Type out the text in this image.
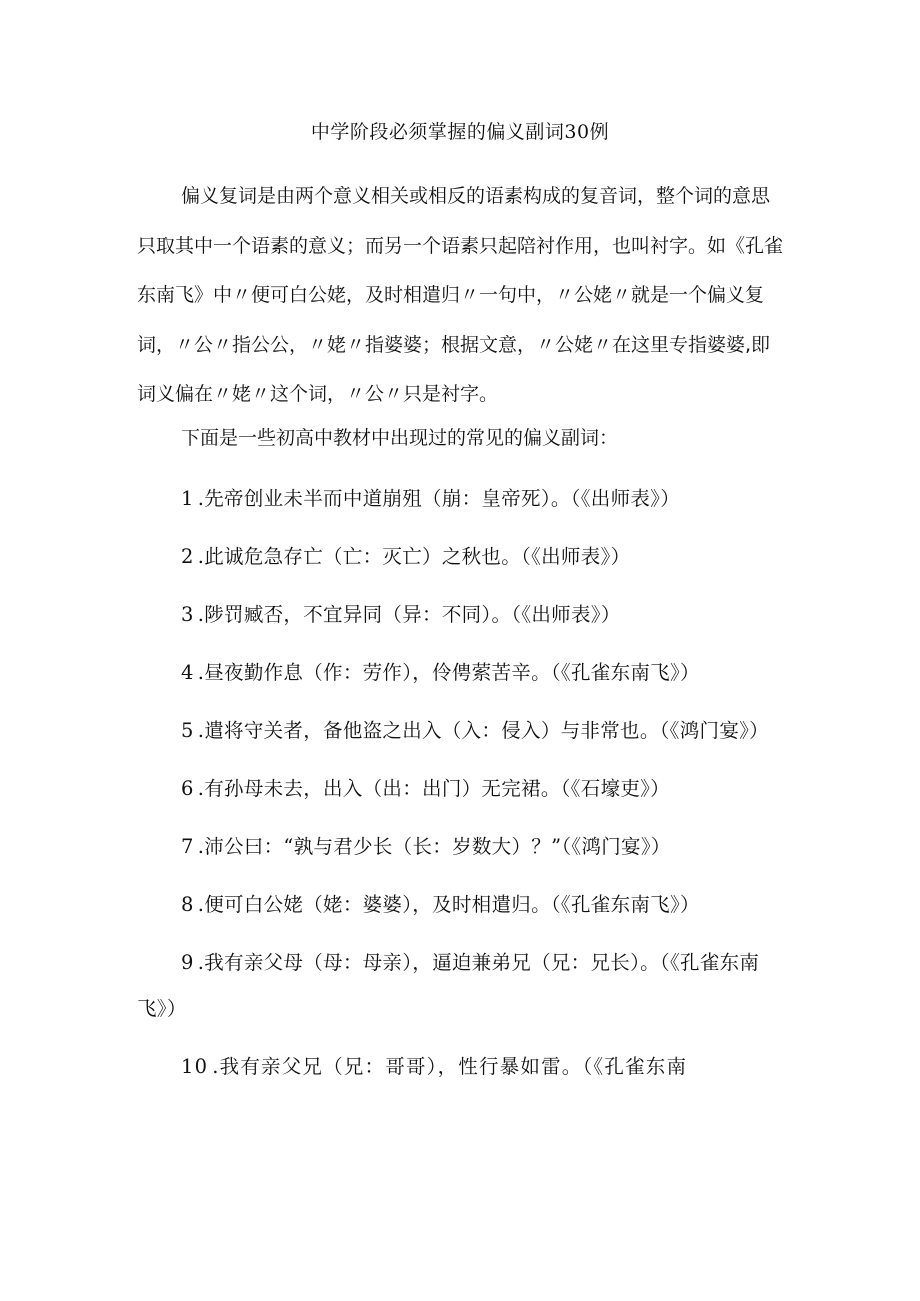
中学阶段必须掌握的偏义副词30例

偏义复词是由两个意义相关或相反的语素构成的复音词，整个词的意思只取其中一个语素的意义；而另一个语素只起陪衬作用，也叫衬字。如《孔雀东南飞》中〃便可白公姥，及时相遣归〃一句中，〃公姥〃就是一个偏义复词，〃公〃指公公，〃姥〃指婆婆；根据文意，〃公姥〃在这里专指婆婆,即词义偏在〃姥〃这个词，〃公〃只是衬字。

下面是一些初高中教材中出现过的常见的偏义副词：

1 .先帝创业未半而中道崩殂（崩：皇帝死）。（《出师表》）
2 .此诚危急存亡（亡：灭亡）之秋也。（《出师表》）
3 .陟罚臧否，不宜异同（异：不同）。（《出师表》）
4 .昼夜勤作息（作：劳作），伶俜萦苦辛。（《孔雀东南飞》）
5 .遣将守关者，备他盗之出入（入：侵入）与非常也。（《鸿门宴》）
6 .有孙母未去，出入（出：出门）无完裙。（《石壕吏》）
7 .沛公曰：“孰与君少长（长：岁数大）？”（《鸿门宴》）
8 .便可白公姥（姥：婆婆），及时相遣归。（《孔雀东南飞》）
9 .我有亲父母（母：母亲），逼迫兼弟兄（兄：兄长）。（《孔雀东南飞》）
10 .我有亲父兄（兄：哥哥），性行暴如雷。（《孔雀东南
